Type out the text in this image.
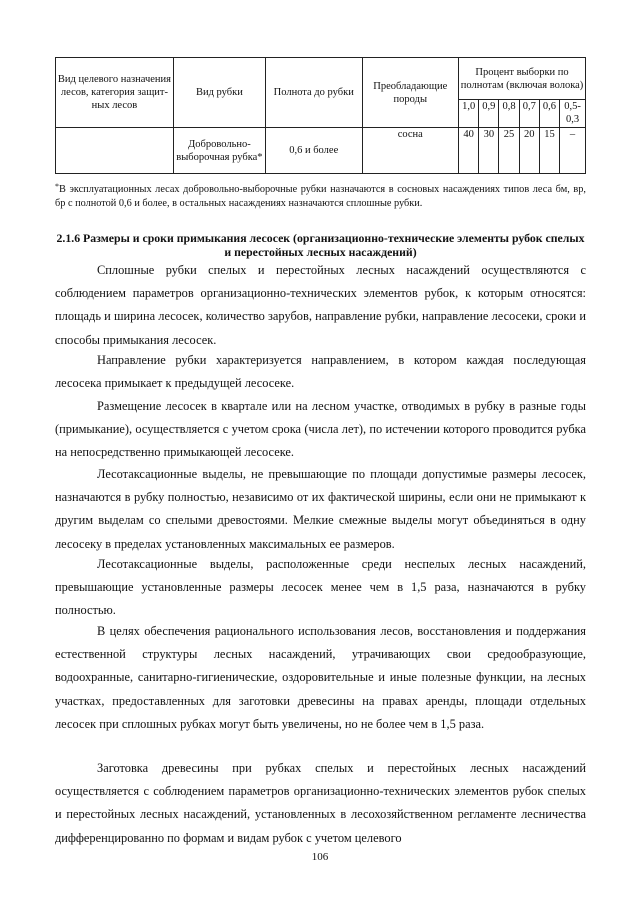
Вид целевого назначения лесов, категория защит-ных лесов	Вид рубки	Полнота до рубки	Преобладающие породы	Процент выборки по полнотам (включая волока)					
				1,0	0,9	0,8	0,7	0,6	0,5-0,3
	Добровольно-выборочная рубка*	0,6 и более	сосна	40	30	25	20	15	–
*В эксплуатационных лесах добровольно-выборочные рубки назначаются в сосновых насаждениях типов леса бм, вр, бр с полнотой 0,6 и более, в остальных насаждениях назначаются сплошные рубки.
2.1.6 Размеры и сроки примыкания лесосек (организационно-технические элементы рубок спелых и перестойных лесных насаждений)

Сплошные рубки спелых и перестойных лесных насаждений осуществляются с соблюдением параметров организационно-технических элементов рубок, к которым относятся: площадь и ширина лесосек, количество зарубов, направление рубки, направление лесосеки, сроки и способы примыкания лесосек.

Направление рубки характеризуется направлением, в котором каждая последующая лесосека примыкает к предыдущей лесосеке.

Размещение лесосек в квартале или на лесном участке, отводимых в рубку в разные годы (примыкание), осуществляется с учетом срока (числа лет), по истечении которого проводится рубка на непосредственно примыкающей лесосеке.

Лесотаксационные выделы, не превышающие по площади допустимые размеры лесосек, назначаются в рубку полностью, независимо от их фактической ширины, если они не примыкают к другим выделам со спелыми древостоями. Мелкие смежные выделы могут объединяться в одну лесосеку в пределах установленных максимальных ее размеров.

Лесотаксационные выделы, расположенные среди неспелых лесных насаждений, превышающие установленные размеры лесосек менее чем в 1,5 раза, назначаются в рубку полностью.

В целях обеспечения рационального использования лесов, восстановления и поддержания естественной структуры лесных насаждений, утрачивающих свои средообразующие, водоохранные, санитарно-гигиенические, оздоровительные и иные полезные функции, на лесных участках, предоставленных для заготовки древесины на правах аренды, площади отдельных лесосек при сплошных рубках могут быть увеличены, но не более чем в 1,5 раза.

Заготовка древесины при рубках спелых и перестойных лесных насаждений осуществляется с соблюдением параметров организационно-технических элементов рубок спелых и перестойных лесных насаждений, установленных в лесохозяйственном регламенте лесничества дифференцированно по формам и видам рубок с учетом целевого

106
